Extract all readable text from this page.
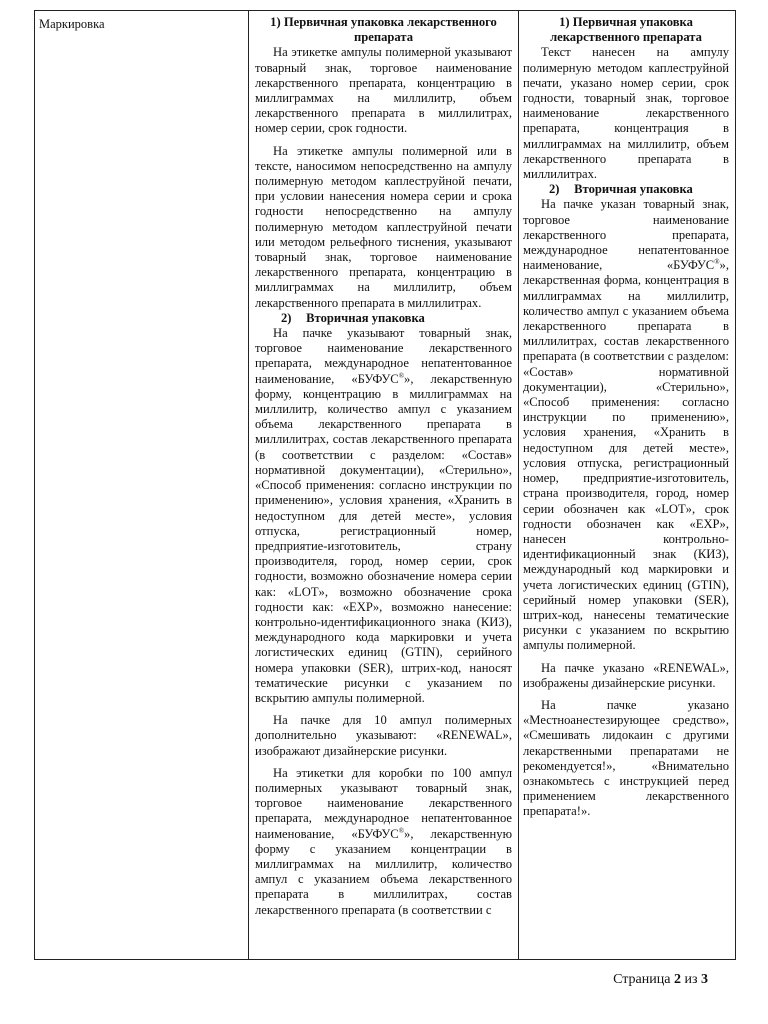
Маркировка	1) Первичная упаковка лекарственного препарата

На этикетке ампулы полимерной указывают товарный знак, торговое наименование лекарственного препарата, концентрацию в миллиграммах на миллилитр, объем лекарственного препарата в миллилитрах, номер серии, срок годности.

На этикетке ампулы полимерной или в тексте, наносимом непосредственно на ампулу полимерную методом каплеструйной печати, при условии нанесения номера серии и срока годности непосредственно на ампулу полимерную методом каплеструйной печати или методом рельефного тиснения, указывают товарный знак, торговое наименование лекарственного препарата, концентрацию в миллиграммах на миллилитр, объем лекарственного препарата в миллилитрах.

2) Вторичная упаковка

На пачке указывают товарный знак, торговое наименование лекарственного препарата, международное непатентованное наименование, «БУФУС®», лекарственную форму, концентрацию в миллиграммах на миллилитр, количество ампул с указанием объема лекарственного препарата в миллилитрах, состав лекарственного препарата (в соответствии с разделом: «Состав» нормативной документации), «Стерильно», «Способ применения: согласно инструкции по применению», условия хранения, «Хранить в недоступном для детей месте», условия отпуска, регистрационный номер, предприятие-изготовитель, страну производителя, город, номер серии, срок годности, возможно обозначение номера серии как: «LOT», возможно обозначение срока годности как: «EXP», возможно нанесение: контрольно-идентификационного знака (КИЗ), международного кода маркировки и учета логистических единиц (GTIN), серийного номера упаковки (SER), штрих-код, наносят тематические рисунки с указанием по вскрытию ампулы полимерной.

На пачке для 10 ампул полимерных дополнительно указывают: «RENEWAL», изображают дизайнерские рисунки.

На этикетки для коробки по 100 ампул полимерных указывают товарный знак, торговое наименование лекарственного препарата, международное непатентованное наименование, «БУФУС®», лекарственную форму с указанием концентрации в миллиграммах на миллилитр, количество ампул с указанием объема лекарственного препарата в миллилитрах, состав лекарственного препарата (в соответствии с

1) Первичная упаковка лекарственного препарата

Текст нанесен на ампулу полимерную методом каплеструйной печати, указано номер серии, срок годности, товарный знак, торговое наименование лекарственного препарата, концентрация в миллиграммах на миллилитр, объем лекарственного препарата в миллилитрах.

2) Вторичная упаковка

На пачке указан товарный знак, торговое наименование лекарственного препарата, международное непатентованное наименование, «БУФУС®», лекарственная форма, концентрация в миллиграммах на миллилитр, количество ампул с указанием объема лекарственного препарата в миллилитрах, состав лекарственного препарата (в соответствии с разделом: «Состав» нормативной документации), «Стерильно», «Способ применения: согласно инструкции по применению», условия хранения, «Хранить в недоступном для детей месте», условия отпуска, регистрационный номер, предприятие-изготовитель, страна производителя, город, номер серии обозначен как «LOT», срок годности обозначен как «EXP», нанесен контрольно-идентификационный знак (КИЗ), международный код маркировки и учета логистических единиц (GTIN), серийный номер упаковки (SER), штрих-код, нанесены тематические рисунки с указанием по вскрытию ампулы полимерной.

На пачке указано «RENEWAL», изображены дизайнерские рисунки.

На пачке указано «Местноанестезирующее средство», «Смешивать лидокаин с другими лекарственными препаратами не рекомендуется!», «Внимательно ознакомьтесь с инструкцией перед применением лекарственного препарата!».

Страница 2 из 3
